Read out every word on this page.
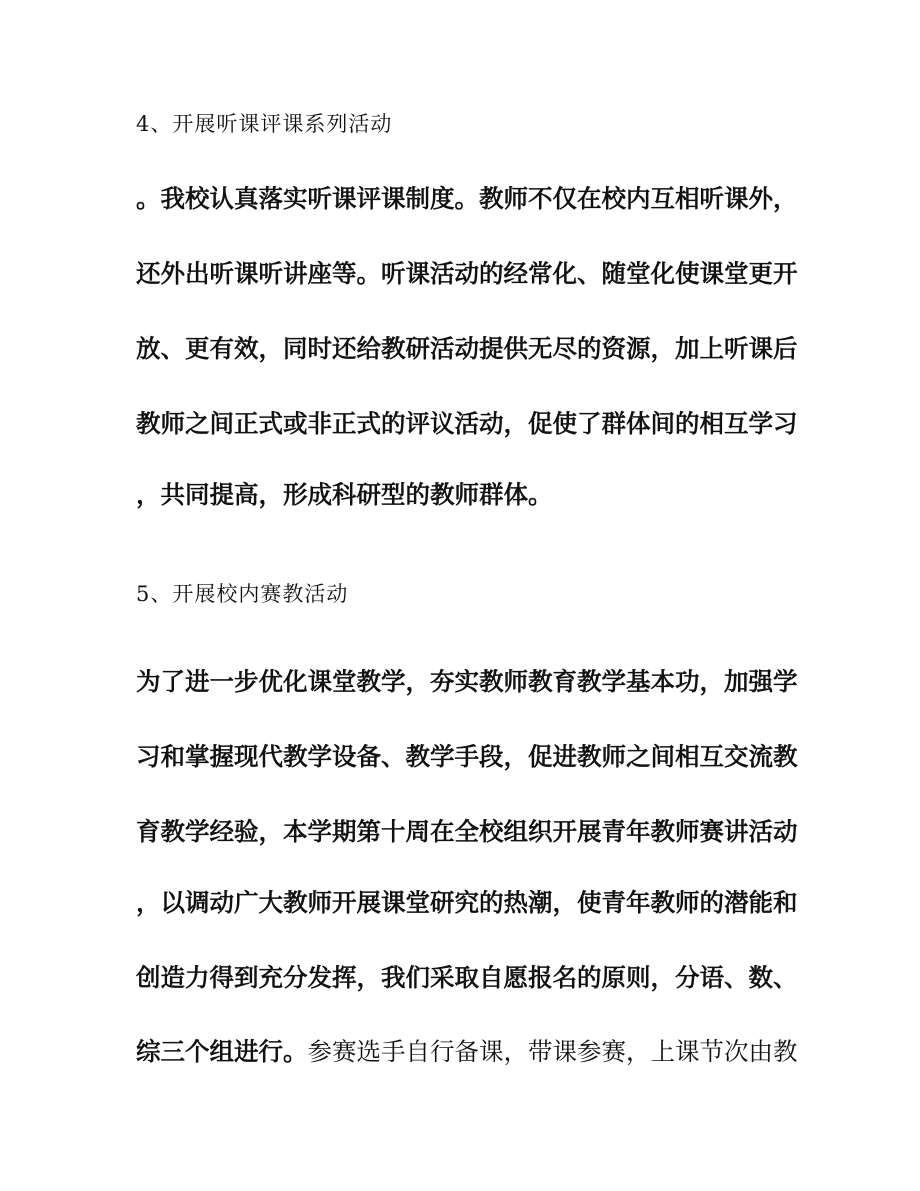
4、开展听课评课系列活动
。我校认真落实听课评课制度。教师不仅在校内互相听课外，
还外出听课听讲座等。听课活动的经常化、随堂化使课堂更开
放、更有效，同时还给教研活动提供无尽的资源，加上听课后
教师之间正式或非正式的评议活动，促使了群体间的相互学习
，共同提高，形成科研型的教师群体。
5、开展校内赛教活动
为了进一步优化课堂教学，夯实教师教育教学基本功，加强学
习和掌握现代教学设备、教学手段，促进教师之间相互交流教
育教学经验，本学期第十周在全校组织开展青年教师赛讲活动
，以调动广大教师开展课堂研究的热潮，使青年教师的潜能和
创造力得到充分发挥，我们采取自愿报名的原则，分语、数、
综三个组进行。参赛选手自行备课，带课参赛，上课节次由教
